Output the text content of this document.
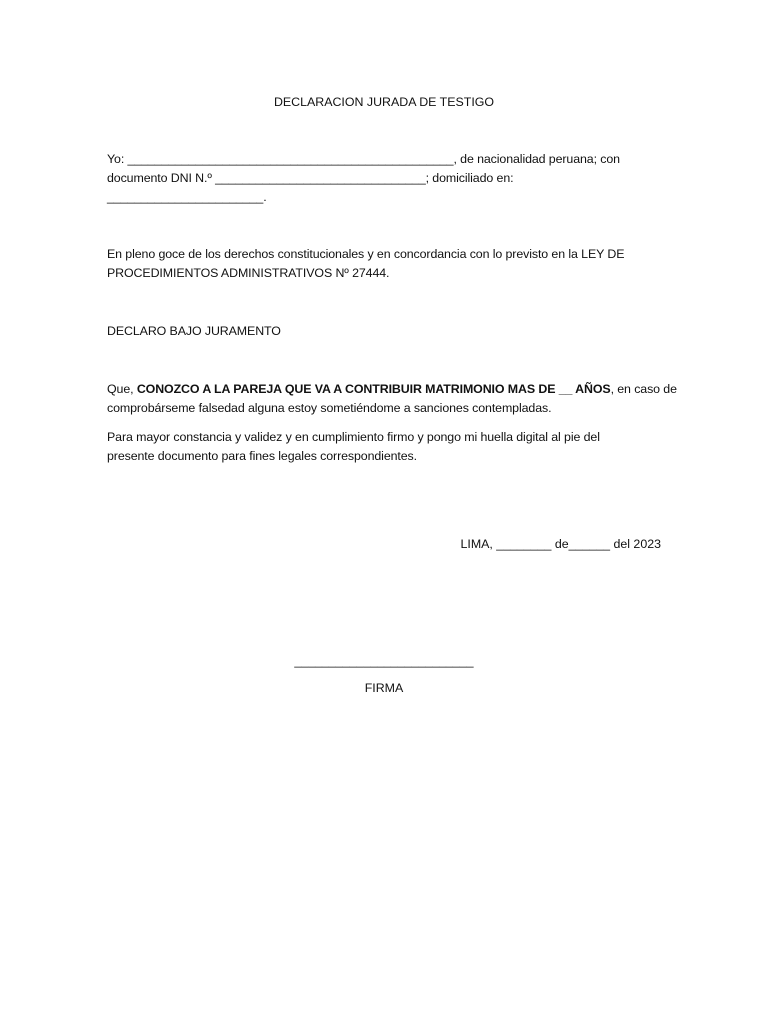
DECLARACION JURADA DE TESTIGO
Yo: ________________________________________________, de nacionalidad peruana; con
documento DNI N.º _______________________________; domiciliado en:
_______________________.
En pleno goce de los derechos constitucionales y en concordancia con lo previsto en la LEY DE
PROCEDIMIENTOS ADMINISTRATIVOS Nº 27444.
DECLARO BAJO JURAMENTO
Que, CONOZCO A LA PAREJA QUE VA A CONTRIBUIR MATRIMONIO MAS DE __ AÑOS, en caso de
comprobárseme falsedad alguna estoy sometiéndome a sanciones contempladas.
Para mayor constancia y validez y en cumplimiento firmo y pongo mi huella digital al pie del
presente documento para fines legales correspondientes.
LIMA, ________ de______ del 2023
__________________________
FIRMA
